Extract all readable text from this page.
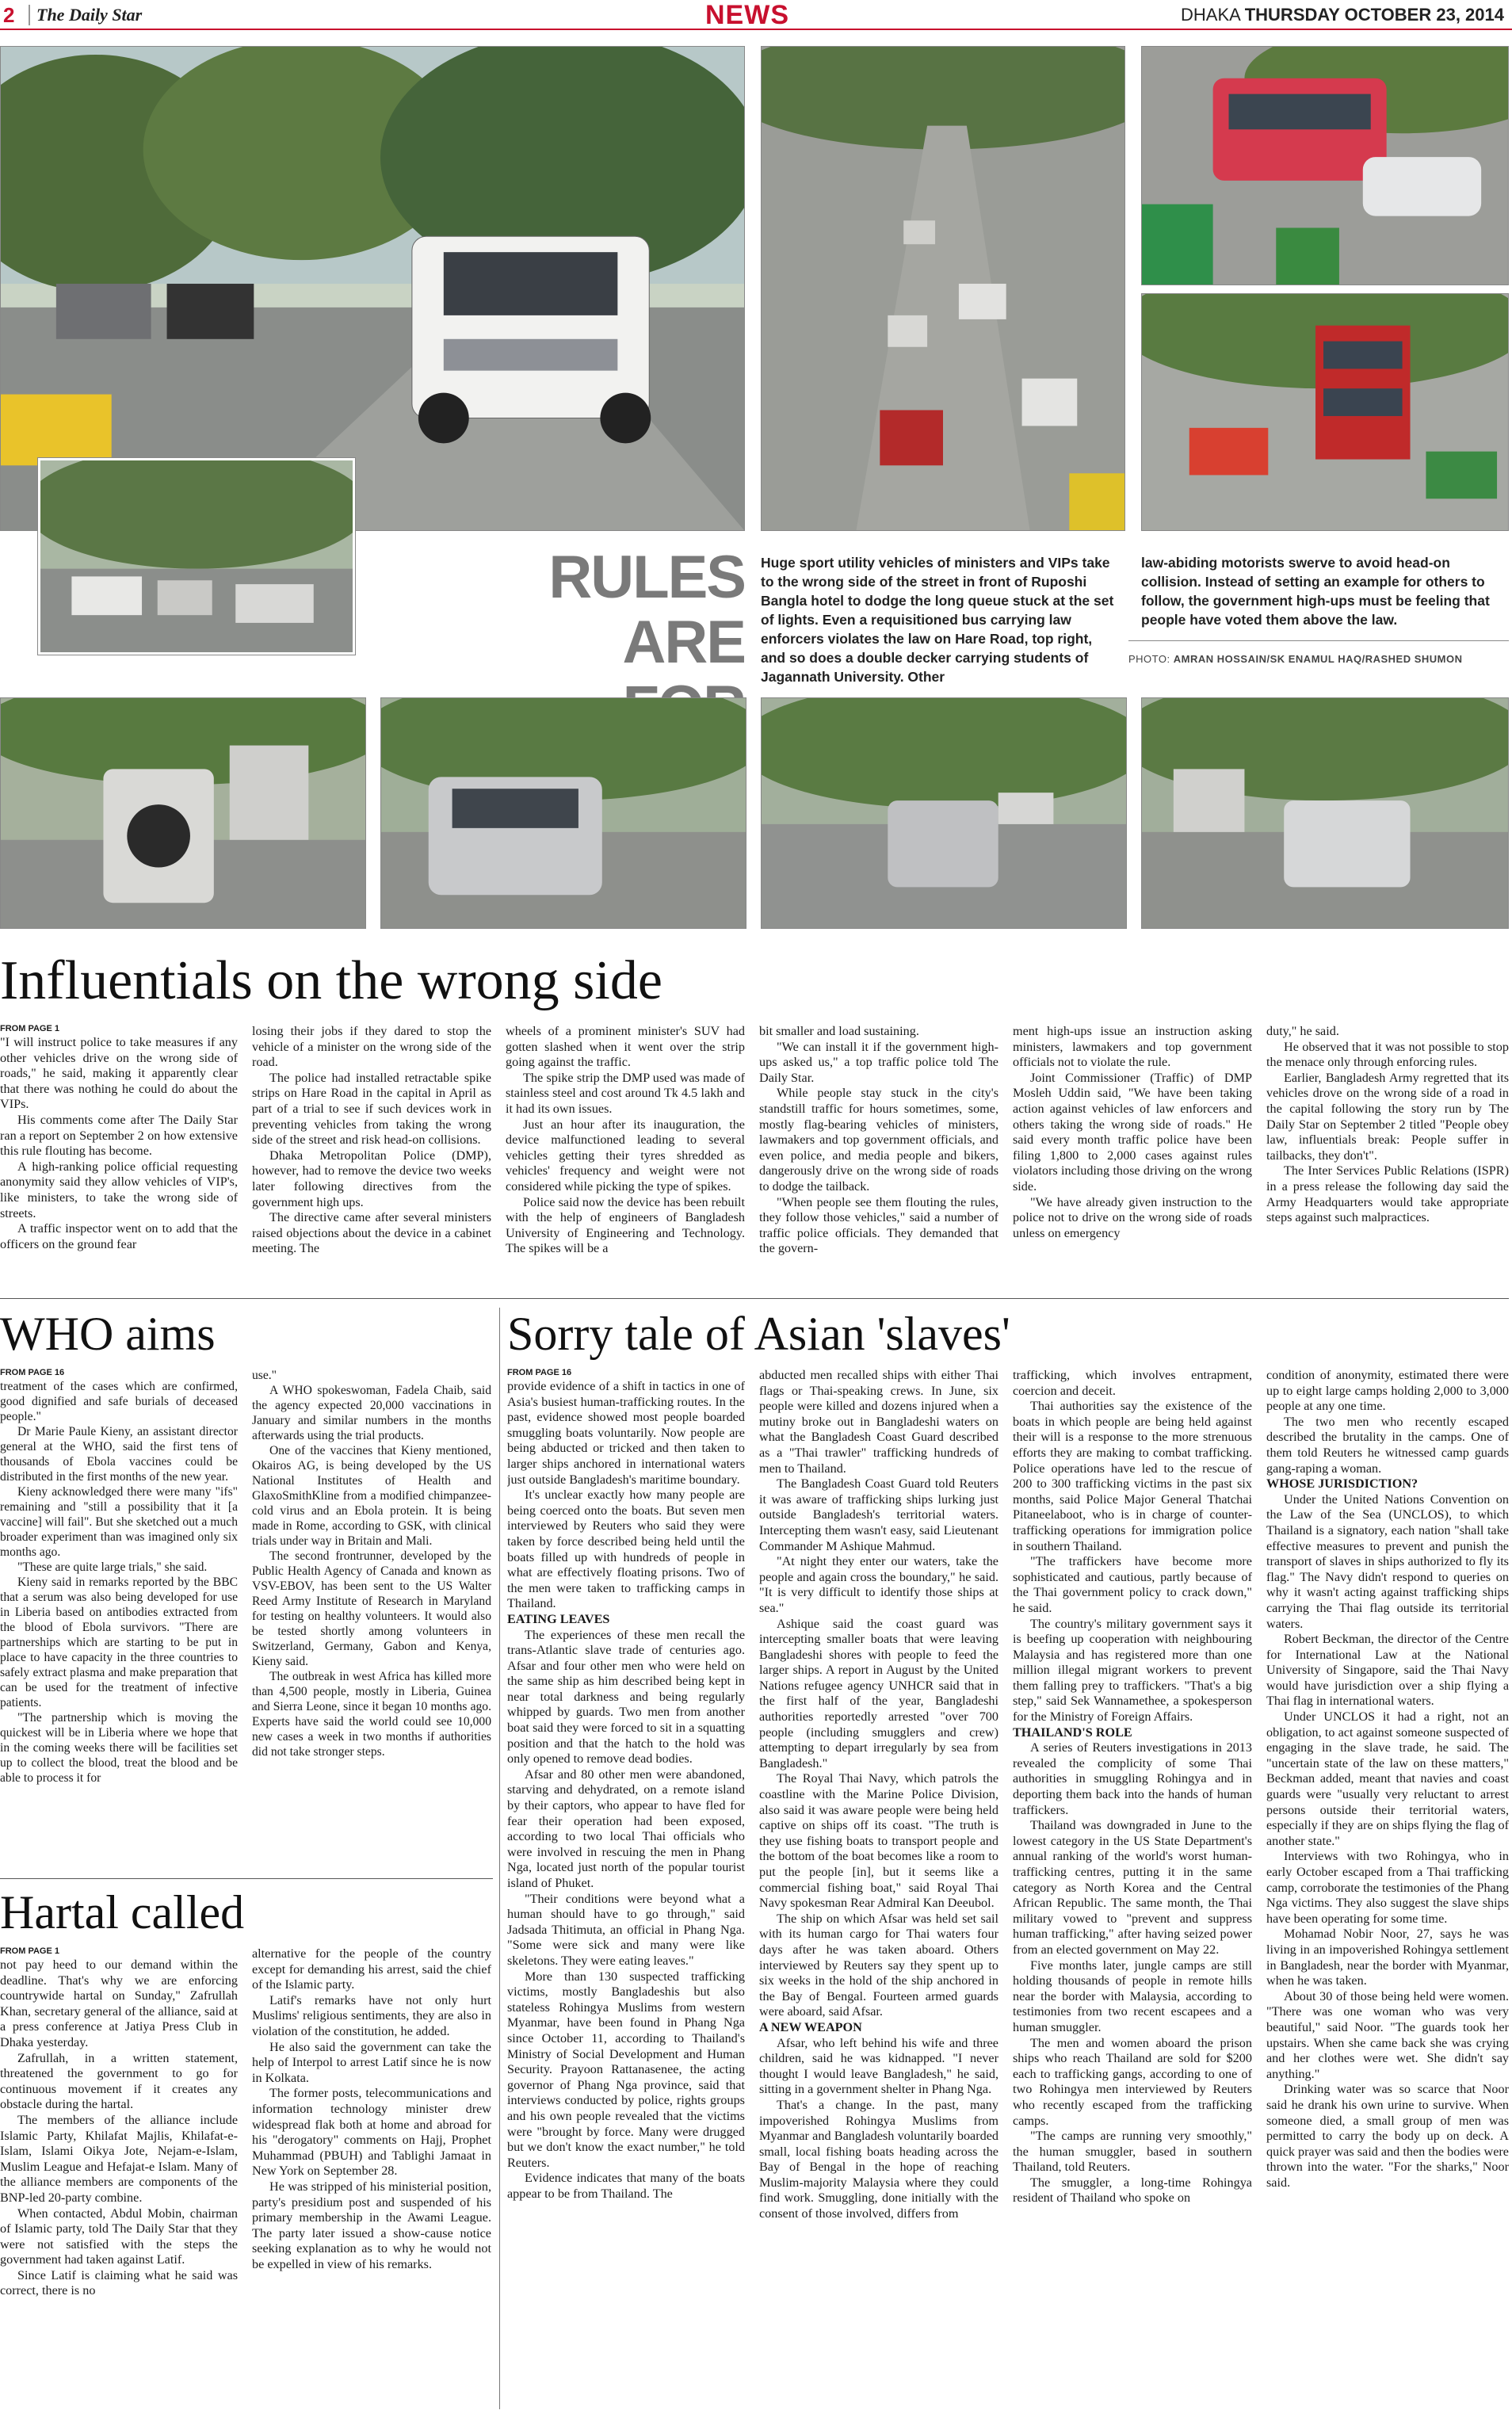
2	The Daily Star	NEWS	DHAKA THURSDAY OCTOBER 23, 2014
RULES ARE
Huge sport utility vehicles of ministers and VIPs take to the wrong side of the street in front of Ruposhi Bangla hotel to dodge the long queue stuck at the set of lights. Even a requisitioned bus carrying law enforcers violates the law on Hare Road, top right, and so does a double decker carrying students of Jagannath University. Other
law-abiding motorists swerve to avoid head-on collision. Instead of setting an example for others to follow, the government high-ups must be feeling that people have voted them above the law.
PHOTO: AMRAN HOSSAIN/SK ENAMUL HAQ/RASHED SHUMON
Influentials on the wrong side
FROM PAGE 1

"I will instruct police to take measures if any other vehicles drive on the wrong side of roads," he said, making it apparently clear that there was nothing he could do about the VIPs.

His comments come after The Daily Star ran a report on September 2 on how extensive this rule flouting has become.

A high-ranking police official requesting anonymity said they allow vehicles of VIP's, like ministers, to take the wrong side of streets.

A traffic inspector went on to add that the officers on the ground fear

losing their jobs if they dared to stop the vehicle of a minister on the wrong side of the road.

The police had installed retractable spike strips on Hare Road in the capital in April as part of a trial to see if such devices work in preventing vehicles from taking the wrong side of the street and risk head-on collisions.

Dhaka Metropolitan Police (DMP), however, had to remove the device two weeks later following directives from the government high ups.

The directive came after several ministers raised objections about the device in a cabinet meeting. The

wheels of a prominent minister's SUV had gotten slashed when it went over the strip going against the traffic.

The spike strip the DMP used was made of stainless steel and cost around Tk 4.5 lakh and it had its own issues.

Just an hour after its inauguration, the device malfunctioned leading to several vehicles getting their tyres shredded as vehicles' frequency and weight were not considered while picking the type of spikes.

Police said now the device has been rebuilt with the help of engineers of Bangladesh University of Engineering and Technology. The spikes will be a

bit smaller and load sustaining.

"We can install it if the government high-ups asked us," a top traffic police told The Daily Star.

While people stay stuck in the city's standstill traffic for hours sometimes, some, mostly flag-bearing vehicles of ministers, lawmakers and top government officials, and even police, and media people and bikers, dangerously drive on the wrong side of roads to dodge the tailback.

"When people see them flouting the rules, they follow those vehicles," said a number of traffic police officials. They demanded that the govern-

ment high-ups issue an instruction asking ministers, lawmakers and top government officials not to violate the rule.

Joint Commissioner (Traffic) of DMP Mosleh Uddin said, "We have been taking action against vehicles of law enforcers and others taking the wrong side of roads." He said every month traffic police have been filing 1,800 to 2,000 cases against rules violators including those driving on the wrong side.

"We have already given instruction to the police not to drive on the wrong side of roads unless on emergency

duty," he said.

He observed that it was not possible to stop the menace only through enforcing rules.

Earlier, Bangladesh Army regretted that its vehicles drove on the wrong side of a road in the capital following the story run by The Daily Star on September 2 titled "People obey law, influentials break: People suffer in tailbacks, they don't".

The Inter Services Public Relations (ISPR) in a press release the following day said the Army Headquarters would take appropriate steps against such malpractices.

WHO aims
FROM PAGE 16

treatment of the cases which are confirmed, good dignified and safe burials of deceased people."

Dr Marie Paule Kieny, an assistant director general at the WHO, said the first tens of thousands of Ebola vaccines could be distributed in the first months of the new year.

Kieny acknowledged there were many "ifs" remaining and "still a possibility that it [a vaccine] will fail". But she sketched out a much broader experiment than was imagined only six months ago.

"These are quite large trials," she said.

Kieny said in remarks reported by the BBC that a serum was also being developed for use in Liberia based on antibodies extracted from the blood of Ebola survivors. "There are partnerships which are starting to be put in place to have capacity in the three countries to safely extract plasma and make preparation that can be used for the treatment of infective patients.

"The partnership which is moving the quickest will be in Liberia where we hope that in the coming weeks there will be facilities set up to collect the blood, treat the blood and be able to process it for

use."

A WHO spokeswoman, Fadela Chaib, said the agency expected 20,000 vaccinations in January and similar numbers in the months afterwards using the trial products.

One of the vaccines that Kieny mentioned, Okairos AG, is being developed by the US National Institutes of Health and GlaxoSmithKline from a modified chimpanzee-cold virus and an Ebola protein. It is being made in Rome, according to GSK, with clinical trials under way in Britain and Mali.

The second frontrunner, developed by the Public Health Agency of Canada and known as VSV-EBOV, has been sent to the US Walter Reed Army Institute of Research in Maryland for testing on healthy volunteers. It would also be tested shortly among volunteers in Switzerland, Germany, Gabon and Kenya, Kieny said.

The outbreak in west Africa has killed more than 4,500 people, mostly in Liberia, Guinea and Sierra Leone, since it began 10 months ago. Experts have said the world could see 10,000 new cases a week in two months if authorities did not take stronger steps.

Hartal called
FROM PAGE 1

not pay heed to our demand within the deadline. That's why we are enforcing countrywide hartal on Sunday," Zafrullah Khan, secretary general of the alliance, said at a press conference at Jatiya Press Club in Dhaka yesterday.

Zafrullah, in a written statement, threatened the government to go for continuous movement if it creates any obstacle during the hartal.

The members of the alliance include Islamic Party, Khilafat Majlis, Khilafat-e-Islam, Islami Oikya Jote, Nejam-e-Islam, Muslim League and Hefajat-e Islam. Many of the alliance members are components of the BNP-led 20-party combine.

When contacted, Abdul Mobin, chairman of Islamic party, told The Daily Star that they were not satisfied with the steps the government had taken against Latif.

Since Latif is claiming what he said was correct, there is no

alternative for the people of the country except for demanding his arrest, said the chief of the Islamic party.

Latif's remarks have not only hurt Muslims' religious sentiments, they are also in violation of the constitution, he added.

He also said the government can take the help of Interpol to arrest Latif since he is now in Kolkata.

The former posts, telecommunications and information technology minister drew widespread flak both at home and abroad for his "derogatory" comments on Hajj, Prophet Muhammad (PBUH) and Tablighi Jamaat in New York on September 28.

He was stripped of his ministerial position, party's presidium post and suspended of his primary membership in the Awami League. The party later issued a show-cause notice seeking explanation as to why he would not be expelled in view of his remarks.

Sorry tale of Asian 'slaves'
FROM PAGE 16

provide evidence of a shift in tactics in one of Asia's busiest human-trafficking routes. In the past, evidence showed most people boarded smuggling boats voluntarily. Now people are being abducted or tricked and then taken to larger ships anchored in international waters just outside Bangladesh's maritime boundary.

It's unclear exactly how many people are being coerced onto the boats. But seven men interviewed by Reuters who said they were taken by force described being held until the boats filled up with hundreds of people in what are effectively floating prisons. Two of the men were taken to trafficking camps in Thailand.

EATING LEAVES

The experiences of these men recall the trans-Atlantic slave trade of centuries ago. Afsar and four other men who were held on the same ship as him described being kept in near total darkness and being regularly whipped by guards. Two men from another boat said they were forced to sit in a squatting position and that the hatch to the hold was only opened to remove dead bodies.

Afsar and 80 other men were abandoned, starving and dehydrated, on a remote island by their captors, who appear to have fled for fear their operation had been exposed, according to two local Thai officials who were involved in rescuing the men in Phang Nga, located just north of the popular tourist island of Phuket.

"Their conditions were beyond what a human should have to go through," said Jadsada Thitimuta, an official in Phang Nga. "Some were sick and many were like skeletons. They were eating leaves."

More than 130 suspected trafficking victims, mostly Bangladeshis but also stateless Rohingya Muslims from western Myanmar, have been found in Phang Nga since October 11, according to Thailand's Ministry of Social Development and Human Security. Prayoon Rattanasenee, the acting governor of Phang Nga province, said that interviews conducted by police, rights groups and his own people revealed that the victims were "brought by force. Many were drugged but we don't know the exact number," he told Reuters.

Evidence indicates that many of the boats appear to be from Thailand. The

abducted men recalled ships with either Thai flags or Thai-speaking crews. In June, six people were killed and dozens injured when a mutiny broke out in Bangladeshi waters on what the Bangladesh Coast Guard described as a "Thai trawler" trafficking hundreds of men to Thailand.

The Bangladesh Coast Guard told Reuters it was aware of trafficking ships lurking just outside Bangladesh's territorial waters. Intercepting them wasn't easy, said Lieutenant Commander M Ashique Mahmud.

"At night they enter our waters, take the people and again cross the boundary," he said. "It is very difficult to identify those ships at sea."

Ashique said the coast guard was intercepting smaller boats that were leaving Bangladeshi shores with people to feed the larger ships. A report in August by the United Nations refugee agency UNHCR said that in the first half of the year, Bangladeshi authorities reportedly arrested "over 700 people (including smugglers and crew) attempting to depart irregularly by sea from Bangladesh."

The Royal Thai Navy, which patrols the coastline with the Marine Police Division, also said it was aware people were being held captive on ships off its coast. "The truth is they use fishing boats to transport people and the bottom of the boat becomes like a room to put the people [in], but it seems like a commercial fishing boat," said Royal Thai Navy spokesman Rear Admiral Kan Deeubol.

The ship on which Afsar was held set sail with its human cargo for Thai waters four days after he was taken aboard. Others interviewed by Reuters say they spent up to six weeks in the hold of the ship anchored in the Bay of Bengal. Fourteen armed guards were aboard, said Afsar.

A NEW WEAPON

Afsar, who left behind his wife and three children, said he was kidnapped. "I never thought I would leave Bangladesh," he said, sitting in a government shelter in Phang Nga.

That's a change. In the past, many impoverished Rohingya Muslims from Myanmar and Bangladesh voluntarily boarded small, local fishing boats heading across the Bay of Bengal in the hope of reaching Muslim-majority Malaysia where they could find work. Smuggling, done initially with the consent of those involved, differs from

trafficking, which involves entrapment, coercion and deceit.

Thai authorities say the existence of the boats in which people are being held against their will is a response to the more strenuous efforts they are making to combat trafficking. Police operations have led to the rescue of 200 to 300 trafficking victims in the past six months, said Police Major General Thatchai Pitaneelaboot, who is in charge of counter-trafficking operations for immigration police in southern Thailand.

"The traffickers have become more sophisticated and cautious, partly because of the Thai government policy to crack down," he said.

The country's military government says it is beefing up cooperation with neighbouring Malaysia and has registered more than one million illegal migrant workers to prevent them falling prey to traffickers. "That's a big step," said Sek Wannamethee, a spokesperson for the Ministry of Foreign Affairs.

THAILAND'S ROLE

A series of Reuters investigations in 2013 revealed the complicity of some Thai authorities in smuggling Rohingya and in deporting them back into the hands of human traffickers.

Thailand was downgraded in June to the lowest category in the US State Department's annual ranking of the world's worst human-trafficking centres, putting it in the same category as North Korea and the Central African Republic. The same month, the Thai military vowed to "prevent and suppress human trafficking," after having seized power from an elected government on May 22.

Five months later, jungle camps are still holding thousands of people in remote hills near the border with Malaysia, according to testimonies from two recent escapees and a human smuggler.

The men and women aboard the prison ships who reach Thailand are sold for $200 each to trafficking gangs, according to one of two Rohingya men interviewed by Reuters who recently escaped from the trafficking camps.

"The camps are running very smoothly," the human smuggler, based in southern Thailand, told Reuters.

The smuggler, a long-time Rohingya resident of Thailand who spoke on

condition of anonymity, estimated there were up to eight large camps holding 2,000 to 3,000 people at any one time.

The two men who recently escaped described the brutality in the camps. One of them told Reuters he witnessed camp guards gang-raping a woman.

WHOSE JURISDICTION?

Under the United Nations Convention on the Law of the Sea (UNCLOS), to which Thailand is a signatory, each nation "shall take effective measures to prevent and punish the transport of slaves in ships authorized to fly its flag." The Navy didn't respond to queries on why it wasn't acting against trafficking ships carrying the Thai flag outside its territorial waters.

Robert Beckman, the director of the Centre for International Law at the National University of Singapore, said the Thai Navy would have jurisdiction over a ship flying a Thai flag in international waters.

Under UNCLOS it had a right, not an obligation, to act against someone suspected of engaging in the slave trade, he said. The "uncertain state of the law on these matters," Beckman added, meant that navies and coast guards were "usually very reluctant to arrest persons outside their territorial waters, especially if they are on ships flying the flag of another state."

Interviews with two Rohingya, who in early October escaped from a Thai trafficking camp, corroborate the testimonies of the Phang Nga victims. They also suggest the slave ships have been operating for some time.

Mohamad Nobir Noor, 27, says he was living in an impoverished Rohingya settlement in Bangladesh, near the border with Myanmar, when he was taken.

About 30 of those being held were women. "There was one woman who was very beautiful," said Noor. "The guards took her upstairs. When she came back she was crying and her clothes were wet. She didn't say anything."

Drinking water was so scarce that Noor said he drank his own urine to survive. When someone died, a small group of men was permitted to carry the body up on deck. A quick prayer was said and then the bodies were thrown into the water. "For the sharks," Noor said.
